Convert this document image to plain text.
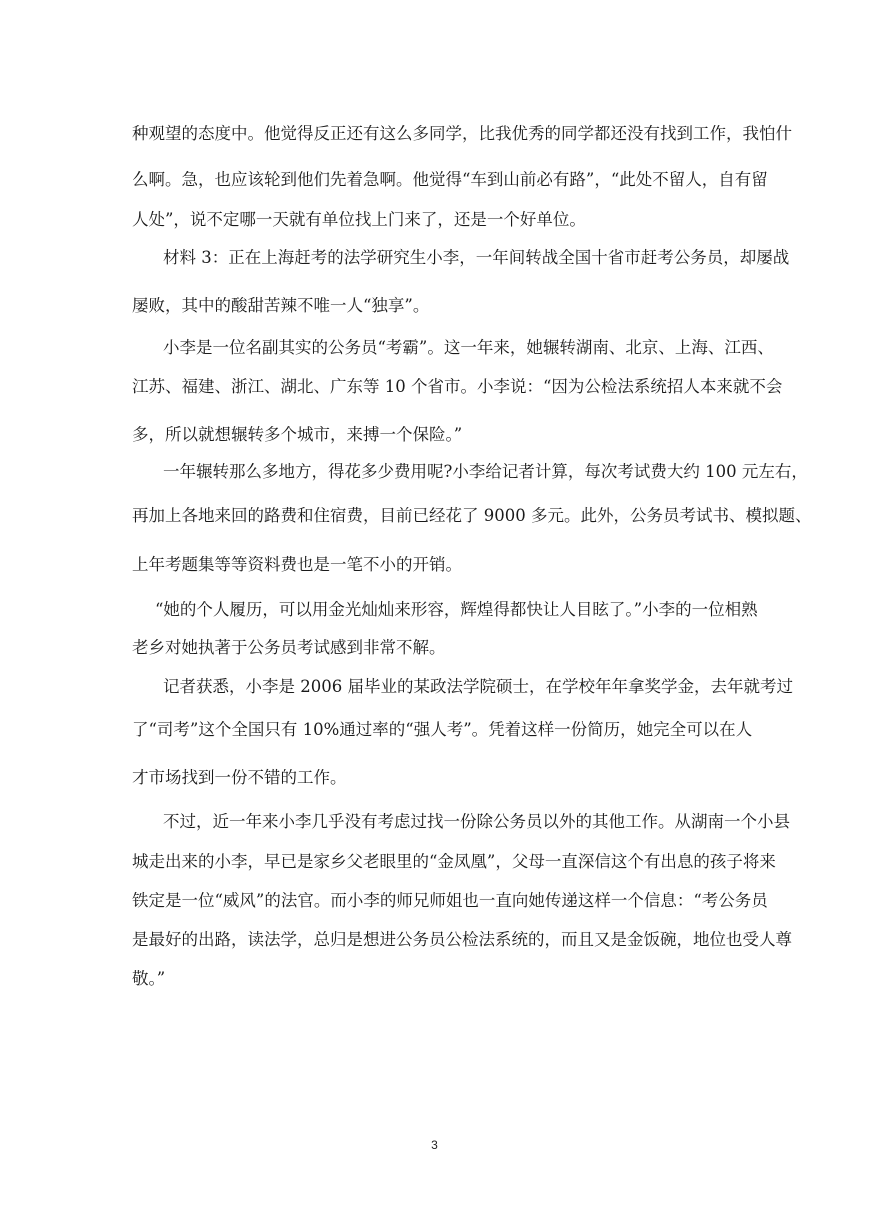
种观望的态度中。他觉得反正还有这么多同学，比我优秀的同学都还没有找到工作，我怕什
么啊。急，也应该轮到他们先着急啊。他觉得“车到山前必有路”，“此处不留人，自有留
人处”，说不定哪一天就有单位找上门来了，还是一个好单位。
材料 3：正在上海赶考的法学研究生小李，一年间转战全国十省市赶考公务员，却屡战
屡败，其中的酸甜苦辣不唯一人“独享”。
小李是一位名副其实的公务员“考霸”。这一年来，她辗转湖南、北京、上海、江西、
江苏、福建、浙江、湖北、广东等 10 个省市。小李说：“因为公检法系统招人本来就不会
多，所以就想辗转多个城市，来搏一个保险。”
一年辗转那么多地方，得花多少费用呢?小李给记者计算，每次考试费大约 100 元左右，
再加上各地来回的路费和住宿费，目前已经花了 9000 多元。此外，公务员考试书、模拟题、
上年考题集等等资料费也是一笔不小的开销。
“她的个人履历，可以用金光灿灿来形容，辉煌得都快让人目眩了。”小李的一位相熟
老乡对她执著于公务员考试感到非常不解。
记者获悉，小李是 2006 届毕业的某政法学院硕士，在学校年年拿奖学金，去年就考过
了“司考”这个全国只有 10%通过率的“强人考”。凭着这样一份简历，她完全可以在人
才市场找到一份不错的工作。
不过，近一年来小李几乎没有考虑过找一份除公务员以外的其他工作。从湖南一个小县
城走出来的小李，早已是家乡父老眼里的“金凤凰”，父母一直深信这个有出息的孩子将来
铁定是一位“威风”的法官。而小李的师兄师姐也一直向她传递这样一个信息：“考公务员
是最好的出路，读法学，总归是想进公务员公检法系统的，而且又是金饭碗，地位也受人尊
敬。”
3
